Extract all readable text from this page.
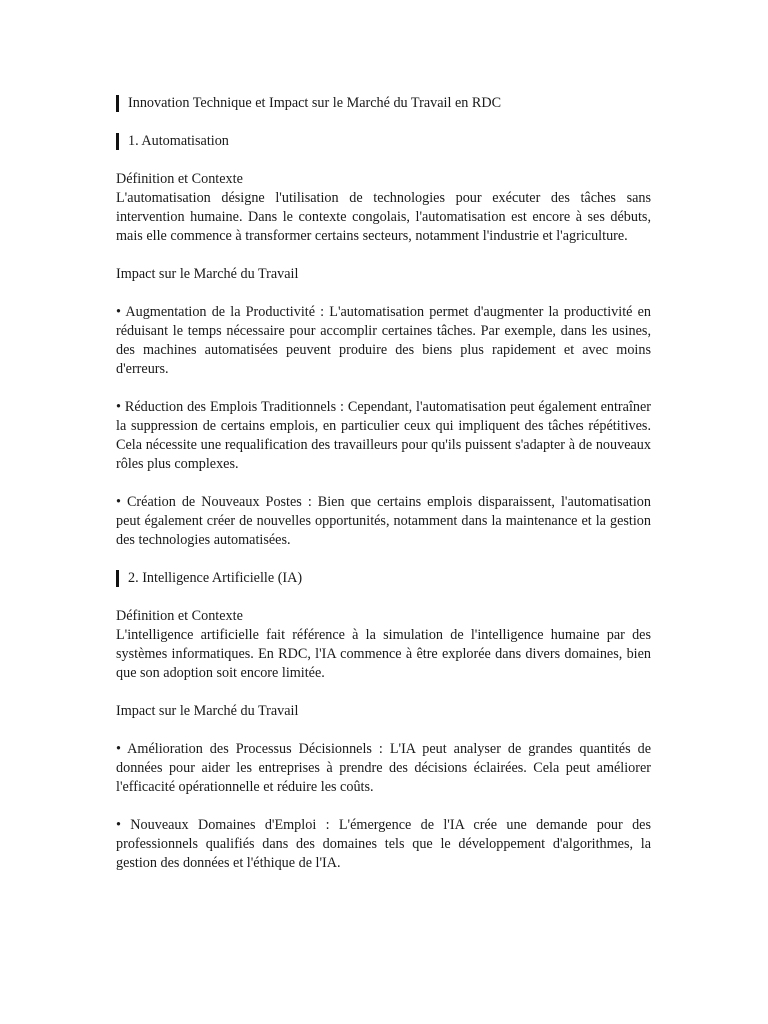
Innovation Technique et Impact sur le Marché du Travail en RDC
1. Automatisation
Définition et Contexte

L'automatisation désigne l'utilisation de technologies pour exécuter des tâches sans intervention humaine. Dans le contexte congolais, l'automatisation est encore à ses débuts, mais elle commence à transformer certains secteurs, notamment l'industrie et l'agriculture.

Impact sur le Marché du Travail

• Augmentation de la Productivité : L'automatisation permet d'augmenter la productivité en réduisant le temps nécessaire pour accomplir certaines tâches. Par exemple, dans les usines, des machines automatisées peuvent produire des biens plus rapidement et avec moins d'erreurs.

• Réduction des Emplois Traditionnels : Cependant, l'automatisation peut également entraîner la suppression de certains emplois, en particulier ceux qui impliquent des tâches répétitives. Cela nécessite une requalification des travailleurs pour qu'ils puissent s'adapter à de nouveaux rôles plus complexes.

• Création de Nouveaux Postes : Bien que certains emplois disparaissent, l'automatisation peut également créer de nouvelles opportunités, notamment dans la maintenance et la gestion des technologies automatisées.

2. Intelligence Artificielle (IA)
Définition et Contexte

L'intelligence artificielle fait référence à la simulation de l'intelligence humaine par des systèmes informatiques. En RDC, l'IA commence à être explorée dans divers domaines, bien que son adoption soit encore limitée.

Impact sur le Marché du Travail

• Amélioration des Processus Décisionnels : L'IA peut analyser de grandes quantités de données pour aider les entreprises à prendre des décisions éclairées. Cela peut améliorer l'efficacité opérationnelle et réduire les coûts.

• Nouveaux Domaines d'Emploi : L'émergence de l'IA crée une demande pour des professionnels qualifiés dans des domaines tels que le développement d'algorithmes, la gestion des données et l'éthique de l'IA.
